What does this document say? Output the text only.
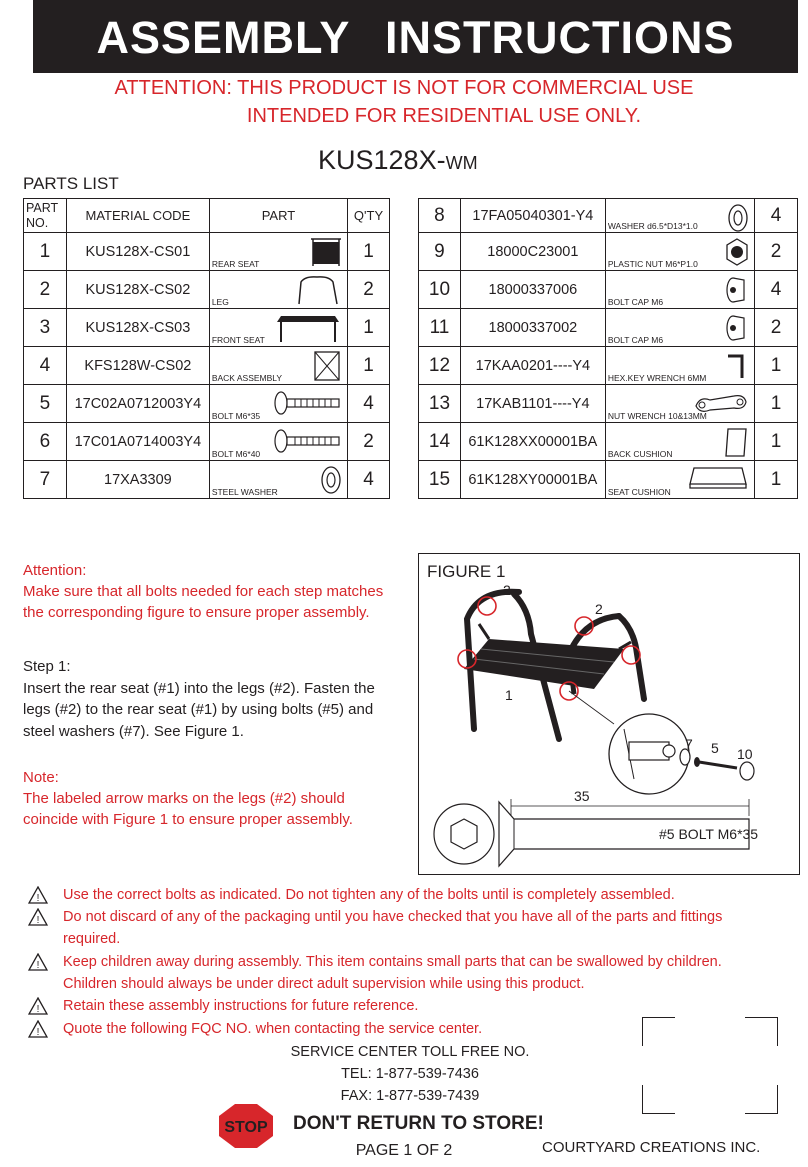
ASSEMBLY INSTRUCTIONS
ATTENTION: THIS PRODUCT IS NOT FOR COMMERCIAL USE
INTENDED FOR RESIDENTIAL USE ONLY.
KUS128X-WM
PARTS LIST
PART NO.	MATERIAL CODE	PART	Q'TY
1	KUS128X-CS01	REAR SEAT	1
2	KUS128X-CS02	LEG	2
3	KUS128X-CS03	FRONT SEAT	1
4	KFS128W-CS02	BACK ASSEMBLY	1
5	17C02A0712003Y4	BOLT M6*35	4
6	17C01A0714003Y4	BOLT M6*40	2
7	17XA3309	STEEL WASHER	4
8	17FA05040301-Y4	WASHER d6.5*D13*1.0	4
9	18000C23001	PLASTIC NUT M6*P1.0	2
10	18000337006	BOLT CAP M6	4
11	18000337002	BOLT CAP M6	2
12	17KAA0201----Y4	HEX.KEY WRENCH 6MM	1
13	17KAB1101----Y4	NUT WRENCH 10&13MM	1
14	61K128XX00001BA	BACK CUSHION	1
15	61K128XY00001BA	SEAT CUSHION	1
Attention:
Make sure that all bolts needed for each step matches
the corresponding figure to ensure proper assembly.
Step 1:
Insert the rear seat (#1) into the legs (#2). Fasten the
legs (#2) to the rear seat (#1) by using bolts (#5) and
steel washers (#7). See Figure 1.
Note:
The labeled arrow marks on the legs (#2) should
coincide with Figure 1 to ensure proper assembly.
FIGURE 1
2
2
1
7 5 10
35
#5 BOLT M6*35
! Use the correct bolts as indicated. Do not tighten any of the bolts until is completely assembled.
! Do not discard of any of the packaging until you have checked that you have all of the parts and fittings
required.
! Keep children away during assembly. This item contains small parts that can be swallowed by children.
Children should always be under direct adult supervision while using this product.
! Retain these assembly instructions for future reference.
! Quote the following FQC NO. when contacting the service center.
SERVICE CENTER TOLL FREE NO.
TEL: 1-877-539-7436
FAX: 1-877-539-7439
STOP DON'T RETURN TO STORE!
PAGE 1 OF 2	COURTYARD CREATIONS INC.
